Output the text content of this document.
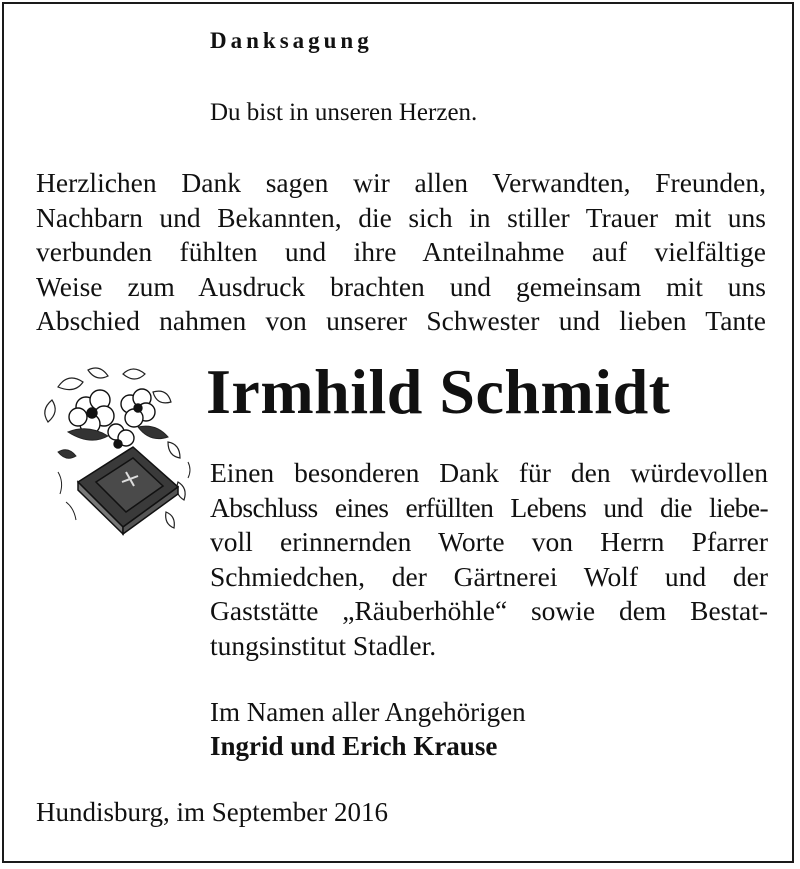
Danksagung
Du bist in unseren Herzen.
Herzlichen Dank sagen wir allen Verwandten, Freunden,
Nachbarn und Bekannten, die sich in stiller Trauer mit uns
verbunden fühlten und ihre Anteilnahme auf vielfältige
Weise zum Ausdruck brachten und gemeinsam mit uns
Abschied nahmen von unserer Schwester und lieben Tante
Irmhild Schmidt
Einen besonderen Dank für den würdevollen
Abschluss eines erfüllten Lebens und die liebe-
voll erinnernden Worte von Herrn Pfarrer
Schmiedchen, der Gärtnerei Wolf und der
Gaststätte „Räuberhöhle“ sowie dem Bestat-
tungsinstitut Stadler.
Im Namen aller Angehörigen
Ingrid und Erich Krause
Hundisburg, im September 2016
